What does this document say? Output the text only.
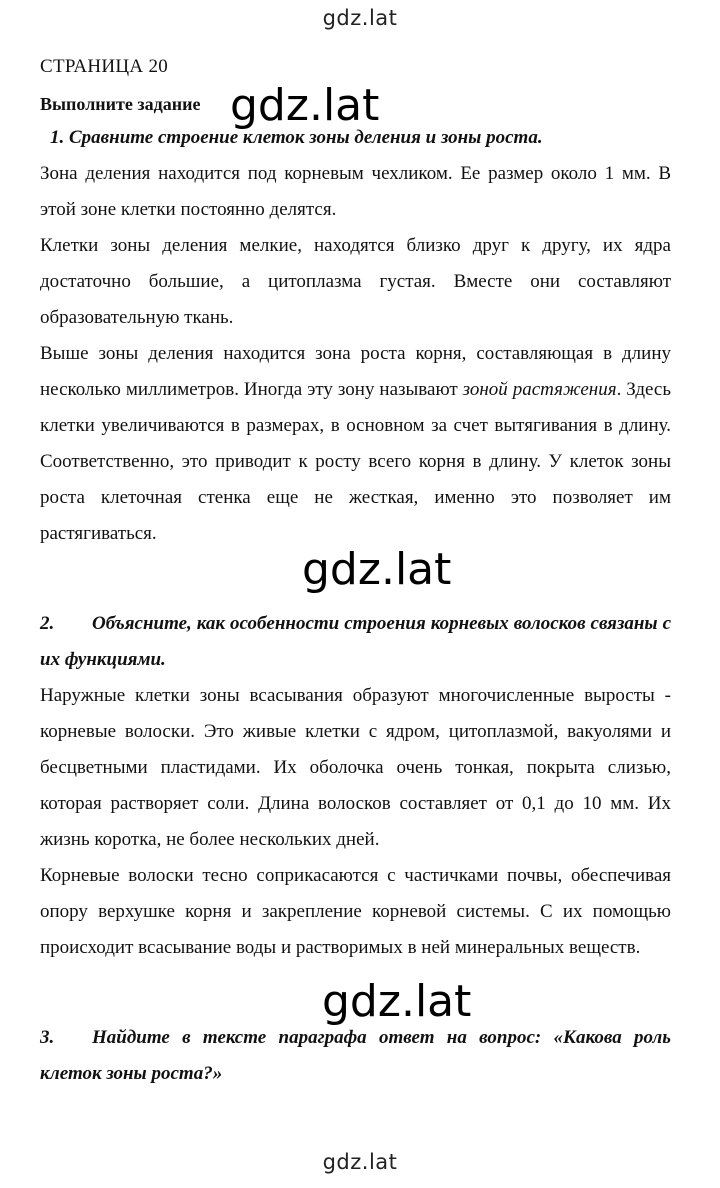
gdz.lat
СТРАНИЦА 20
Выполните задание gdz.lat

1. Сравните строение клеток зоны деления и зоны роста.

Зона деления находится под корневым чехликом. Ее размер около 1 мм. В этой зоне клетки постоянно делятся.

Клетки зоны деления мелкие, находятся близко друг к другу, их ядра достаточно большие, а цитоплазма густая. Вместе они составляют образовательную ткань.

Выше зоны деления находится зона роста корня, составляющая в длину несколько миллиметров. Иногда эту зону называют зоной растяжения. Здесь клетки увеличиваются в размерах, в основном за счет вытягивания в длину. Соответственно, это приводит к росту всего корня в длину. У клеток зоны роста клеточная стенка еще не жесткая, именно это позволяет им растягиваться.

2. Объясните, как особенности строения корневых волосков связаны с их функциями.

Наружные клетки зоны всасывания образуют многочисленные выросты - корневые волоски. Это живые клетки с ядром, цитоплазмой, вакуолями и бесцветными пластидами. Их оболочка очень тонкая, покрыта слизью, которая растворяет соли. Длина волосков составляет от 0,1 до 10 мм. Их жизнь коротка, не более нескольких дней.

Корневые волоски тесно соприкасаются с частичками почвы, обеспечивая опору верхушке корня и закрепление корневой системы. С их помощью происходит всасывание воды и растворимых в ней минеральных веществ.

3. Найдите в тексте параграфа ответ на вопрос: «Какова роль клеток зоны роста?»

gdz.lat
gdz.lat
gdz.lat
